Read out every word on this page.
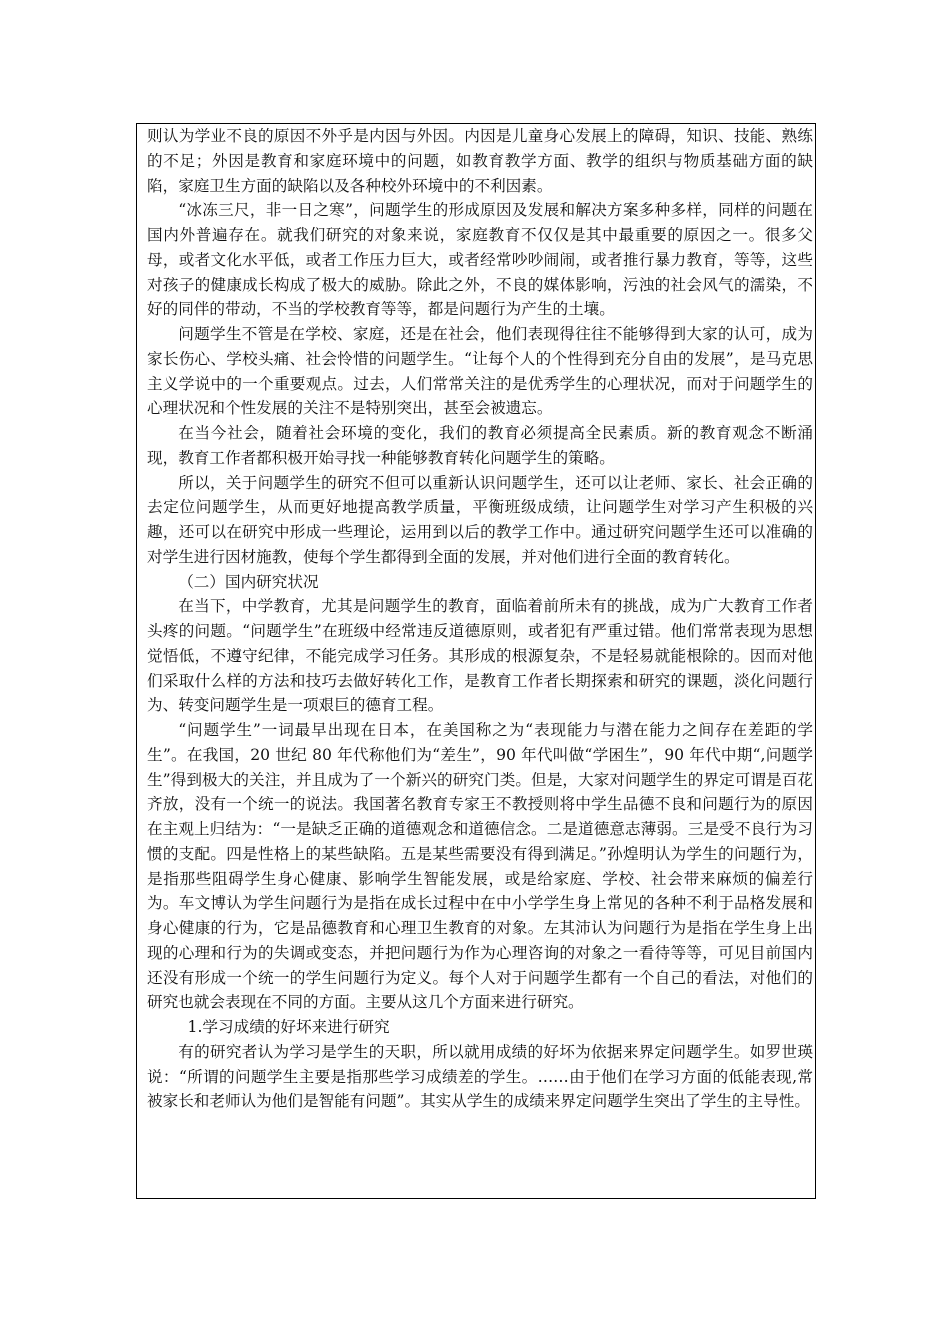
则认为学业不良的原因不外乎是内因与外因。内因是儿童身心发展上的障碍，知识、技能、熟练的不足；外因是教育和家庭环境中的问题，如教育教学方面、教学的组织与物质基础方面的缺陷，家庭卫生方面的缺陷以及各种校外环境中的不利因素。

“冰冻三尺，非一日之寒”，问题学生的形成原因及发展和解决方案多种多样，同样的问题在国内外普遍存在。就我们研究的对象来说，家庭教育不仅仅是其中最重要的原因之一。很多父母，或者文化水平低，或者工作压力巨大，或者经常吵吵闹闹，或者推行暴力教育，等等，这些对孩子的健康成长构成了极大的威胁。除此之外，不良的媒体影响，污浊的社会风气的濡染，不好的同伴的带动，不当的学校教育等等，都是问题行为产生的土壤。

问题学生不管是在学校、家庭，还是在社会，他们表现得往往不能够得到大家的认可，成为家长伤心、学校头痛、社会怜惜的问题学生。“让每个人的个性得到充分自由的发展”，是马克思主义学说中的一个重要观点。过去，人们常常关注的是优秀学生的心理状况，而对于问题学生的心理状况和个性发展的关注不是特别突出，甚至会被遗忘。

在当今社会，随着社会环境的变化，我们的教育必须提高全民素质。新的教育观念不断涌现，教育工作者都积极开始寻找一种能够教育转化问题学生的策略。

所以，关于问题学生的研究不但可以重新认识问题学生，还可以让老师、家长、社会正确的去定位问题学生，从而更好地提高教学质量，平衡班级成绩，让问题学生对学习产生积极的兴趣，还可以在研究中形成一些理论，运用到以后的教学工作中。通过研究问题学生还可以准确的对学生进行因材施教，使每个学生都得到全面的发展，并对他们进行全面的教育转化。

（二）国内研究状况

在当下，中学教育，尤其是问题学生的教育，面临着前所未有的挑战，成为广大教育工作者头疼的问题。“问题学生”在班级中经常违反道德原则，或者犯有严重过错。他们常常表现为思想觉悟低，不遵守纪律，不能完成学习任务。其形成的根源复杂，不是轻易就能根除的。因而对他们采取什么样的方法和技巧去做好转化工作，是教育工作者长期探索和研究的课题，淡化问题行为、转变问题学生是一项艰巨的德育工程。

“问题学生”一词最早出现在日本，在美国称之为“表现能力与潜在能力之间存在差距的学生”。在我国，20 世纪 80 年代称他们为“差生”，90 年代叫做“学困生”，90 年代中期“,问题学生”得到极大的关注，并且成为了一个新兴的研究门类。但是，大家对问题学生的界定可谓是百花齐放，没有一个统一的说法。我国著名教育专家王不教授则将中学生品德不良和问题行为的原因在主观上归结为：“一是缺乏正确的道德观念和道德信念。二是道德意志薄弱。三是受不良行为习惯的支配。四是性格上的某些缺陷。五是某些需要没有得到满足。”孙煌明认为学生的问题行为，是指那些阻碍学生身心健康、影响学生智能发展，或是给家庭、学校、社会带来麻烦的偏差行为。车文博认为学生问题行为是指在成长过程中在中小学学生身上常见的各种不利于品格发展和身心健康的行为，它是品德教育和心理卫生教育的对象。左其沛认为问题行为是指在学生身上出现的心理和行为的失调或变态，并把问题行为作为心理咨询的对象之一看待等等，可见目前国内还没有形成一个统一的学生问题行为定义。每个人对于问题学生都有一个自己的看法，对他们的研究也就会表现在不同的方面。主要从这几个方面来进行研究。

1.学习成绩的好坏来进行研究

有的研究者认为学习是学生的天职，所以就用成绩的好坏为依据来界定问题学生。如罗世瑛说：“所谓的问题学生主要是指那些学习成绩差的学生。……由于他们在学习方面的低能表现,常被家长和老师认为他们是智能有问题”。其实从学生的成绩来界定问题学生突出了学生的主导性。
